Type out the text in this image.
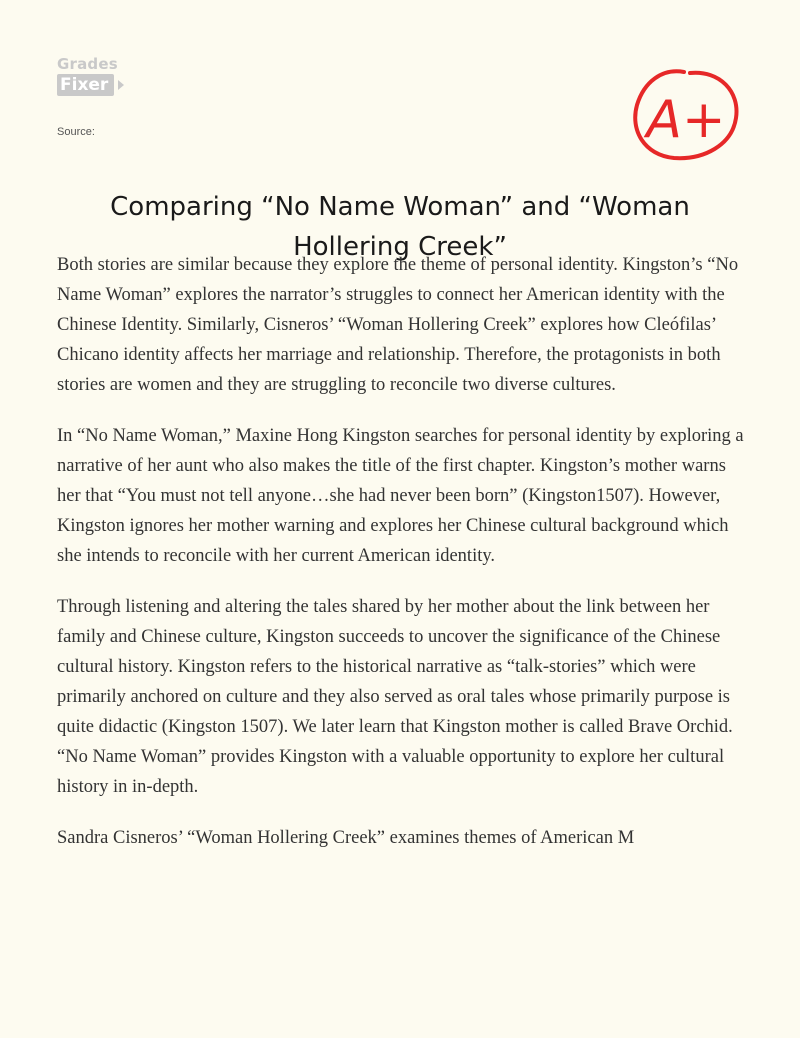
Grades
Fixer
Source:	A+
Comparing “No Name Woman” and “Woman Hollering Creek”

Both stories are similar because they explore the theme of personal identity. Kingston’s “No Name Woman” explores the narrator’s struggles to connect her American identity with the Chinese Identity. Similarly, Cisneros’ “Woman Hollering Creek” explores how Cleófilas’ Chicano identity affects her marriage and relationship. Therefore, the protagonists in both stories are women and they are struggling to reconcile two diverse cultures.

In “No Name Woman,” Maxine Hong Kingston searches for personal identity by exploring a narrative of her aunt who also makes the title of the first chapter. Kingston’s mother warns her that “You must not tell anyone…she had never been born” (Kingston1507). However, Kingston ignores her mother warning and explores her Chinese cultural background which she intends to reconcile with her current American identity.

Through listening and altering the tales shared by her mother about the link between her family and Chinese culture, Kingston succeeds to uncover the significance of the Chinese cultural history. Kingston refers to the historical narrative as “talk-stories” which were primarily anchored on culture and they also served as oral tales whose primarily purpose is quite didactic (Kingston 1507). We later learn that Kingston mother is called Brave Orchid. “No Name Woman” provides Kingston with a valuable opportunity to explore her cultural history in in-depth.

Sandra Cisneros’ “Woman Hollering Creek” examines themes of American M
